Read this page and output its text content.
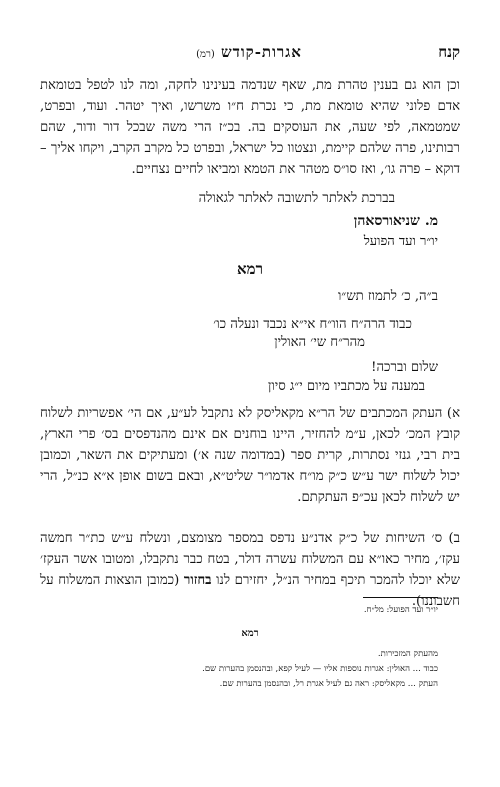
קנח
אגרות-קודש (רמ)
וכן הוא גם בענין טהרת מת, שאף שנדמה בעינינו לחקה, ומה לנו לטפל בטומאת אדם פלוני שהיא טומאת מת, כי נכרת ח״ו משרשו, ואיך יטהר. ועוד, ובפרט, שמטמאה, לפי שעה, את העוסקים בה. בכ״ז הרי משה שבכל דור ודור, שהם רבותינו, פרה שלהם קיימת, ונצטוו כל ישראל, ובפרט כל מקרב הקרב, ויקחו אליך – דוקא – פרה גו׳, ואז סו״ס מטהר את הטמא ומביאו לחיים נצחיים.
בברכת לאלתר לתשובה לאלתר לגאולה
מ. שניאורסאהן
יו״ר ועד הפועל
רמא
ב״ה, כ׳ לתמוז תש״ו
כבוד הרה״ח הוו״ח אי״א נכבד ונעלה כו׳
מהר״ח שי׳ האולין
שלום וברכה!
במענה על מכתביו מיום י״ג סיון
א) העתק המכתבים של הר״א מקאליסק לא נתקבל לע״ע, אם הי׳ אפשריות לשלוח קובץ המכ׳ לכאן, ע״מ להחזיר, היינו בוחנים אם אינם מהנדפסים בס׳ פרי הארץ, בית רבי, גנזי נסתרות, קרית ספר (במדומה שנה א׳) ומעתיקים את השאר, וכמובן יכול לשלוח ישר ע״ש כ״ק מו״ח אדמו״ר שליט״א, ובאם בשום אופן א״א כנ״ל, הרי יש לשלוח לכאן עכ״פ העתקתם.
ב) ס׳ השיחות של כ״ק אדנ״ע נדפס במספר מצומצם, ונשלח ע״ש כת״ר חמשה עקז׳, מחיר כאו״א עם המשלוח עשרה דולר, בטח כבר נתקבלו, ומטובו אשר העקז׳ שלא יוכלו להמכר תיכף במחיר הנ״ל, יחזירם לנו בחזור (כמובן הוצאות המשלוח על חשבוננו).
יו״ר ועד הפועל: מל״ח.
רמא
מהעתק המזכירות.
כבוד ... האולין: אגרות נוספות אליו — לעיל קפא, ובהנסמן בהערות שם.
העתק ... מקאליסק: ראה גם לעיל אגרת רל, ובהנסמן בהערות שם.
